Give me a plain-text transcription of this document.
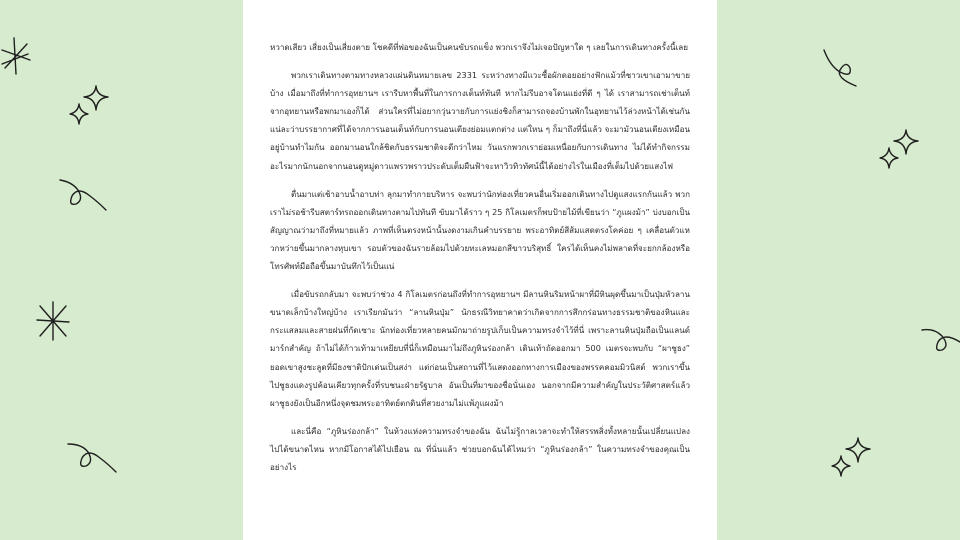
หวาดเสียว เสี่ยงเป็นเสี่ยงตาย โชคดีที่พ่อของฉันเป็นคนขับรถแข็ง พวกเราจึงไม่เจอปัญหาใด ๆ เลยในการเดินทางครั้งนี้เลย

พวกเราเดินทางตามทางหลวงแผ่นดินหมายเลข 2331 ระหว่างทางมีแวะซื้อผักดอยอย่างฟักแม้วที่ชาวเขาเอามาขายบ้าง เมื่อมาถึงที่ทำการอุทยานฯ เรารีบหาพื้นที่ในการกางเต็นท์ทันที หากไม่รีบอาจโดนแย่งที่ดี ๆ ได้ เราสามารถเช่าเต็นท์จากอุทยานหรือพกมาเองก็ได้ ส่วนใครที่ไม่อยากวุ่นวายกับการแย่งชิงก็สามารถจองบ้านพักในอุทยานไว้ล่วงหน้าได้เช่นกัน แน่ละว่าบรรยากาศที่ได้จากการนอนเต็นท์กับการนอนเตียงย่อมแตกต่าง แต่ใหน ๆ ก็มาถึงที่นี่แล้ว จะมามัวนอนเตียงเหมือนอยู่บ้านทำไมกัน ออกมานอนใกล้ชิดกับธรรมชาติจะดีกว่าไหม วันแรกพวกเราย่อมเหนื่อยกับการเดินทาง ไม่ได้ทำกิจกรรมอะไรมากนักนอกจากนอนดูหมู่ดาวแพรวพราวประดับเต็มผืนฟ้าจะหาวิวทิวทัศน์นี้ได้อย่างไรในเมืองที่เต็มไปด้วยแสงไฟ

ตื่นมาแต่เช้าอาบน้ำอาบท่า ลุกมาทำกายบริหาร จะพบว่านักท่องเที่ยวคนอื่นเริ่มออกเดินทางไปดูแสงแรกกันแล้ว พวกเราไม่รอช้ารีบสตาร์ทรถออกเดินทางตามไปทันที ขับมาได้ราว ๆ 25 กิโลเมตรก็พบป้ายไม้ที่เขียนว่า “ภูแผงม้า” บ่งบอกเป็นสัญญาณว่ามาถึงที่หมายแล้ว ภาพที่เห็นตรงหน้านั้นงดงามเกินคำบรรยาย พระอาทิตย์สีส้มแสดตรงโคค่อย ๆ เคลื่อนตัวแหวกหว่ายขึ้นมากลางหุบเขา รอบตัวของฉันรายล้อมไปด้วยทะเลหมอกสีขาวบริสุทธิ์ ใครได้เห็นคงไม่พลาดที่จะยกกล้องหรือโทรศัพท์มือถือขึ้นมาบันทึกไว้เป็นแน่

เมื่อขับรถกลับมา จะพบว่าช่วง 4 กิโลเมตรก่อนถึงที่ทำการอุทยานฯ มีลานหินริมหน้าผาที่มีหินผุดขึ้นมาเป็นปุ่มหัวลาน ขนาดเล็กบ้างใหญ่บ้าง เราเรียกมันว่า “ลานหินปุ่ม” นักธรณีวิทยาคาดว่าเกิดจากการสึกกร่อนทางธรรมชาติของหินและกระแสลมและสายฝนที่กัดเซาะ นักท่องเที่ยวหลายคนมักมาถ่ายรูปเก็บเป็นความทรงจำไว้ที่นี่ เพราะลานหินปุ่มถือเป็นแลนด์มาร์กสำคัญ ถ้าไม่ได้ก้าวเท้ามาเหยียบที่นี่ก็เหมือนมาไม่ถึงภูหินร่องกล้า เดินเท้าถัดออกมา 500 เมตรจะพบกับ “ผาชูธง” ยอดเขาสูงชะลูดที่มีธงชาติปักเด่นเป็นสง่า แต่ก่อนเป็นสถานที่ไว้แสดงออกทางการเมืองของพรรคคอมมิวนิสต์ พวกเราขึ้นไปชูธงแดงรูปค้อนเคียวทุกครั้งที่รบชนะฝ่ายรัฐบาล อันเป็นที่มาของชื่อนั่นเอง นอกจากมีความสำคัญในประวัติศาสตร์แล้ว ผาชูธงยังเป็นอีกหนึ่งจุดชมพระอาทิตย์ตกดินที่สวยงามไม่แพ้ภูแผงม้า

และนี่คือ “ภูหินร่องกล้า” ในห้วงแห่งความทรงจำของฉัน ฉันไม่รู้กาลเวลาจะทำให้สรรพสิ่งทั้งหลายนั้นเปลี่ยนแปลงไปได้ขนาดไหน หากมีโอกาสได้ไปเยือน ณ ที่นั่นแล้ว ช่วยบอกฉันได้ไหมว่า “ภูหินร่องกล้า” ในความทรงจำของคุณเป็นอย่างไร
